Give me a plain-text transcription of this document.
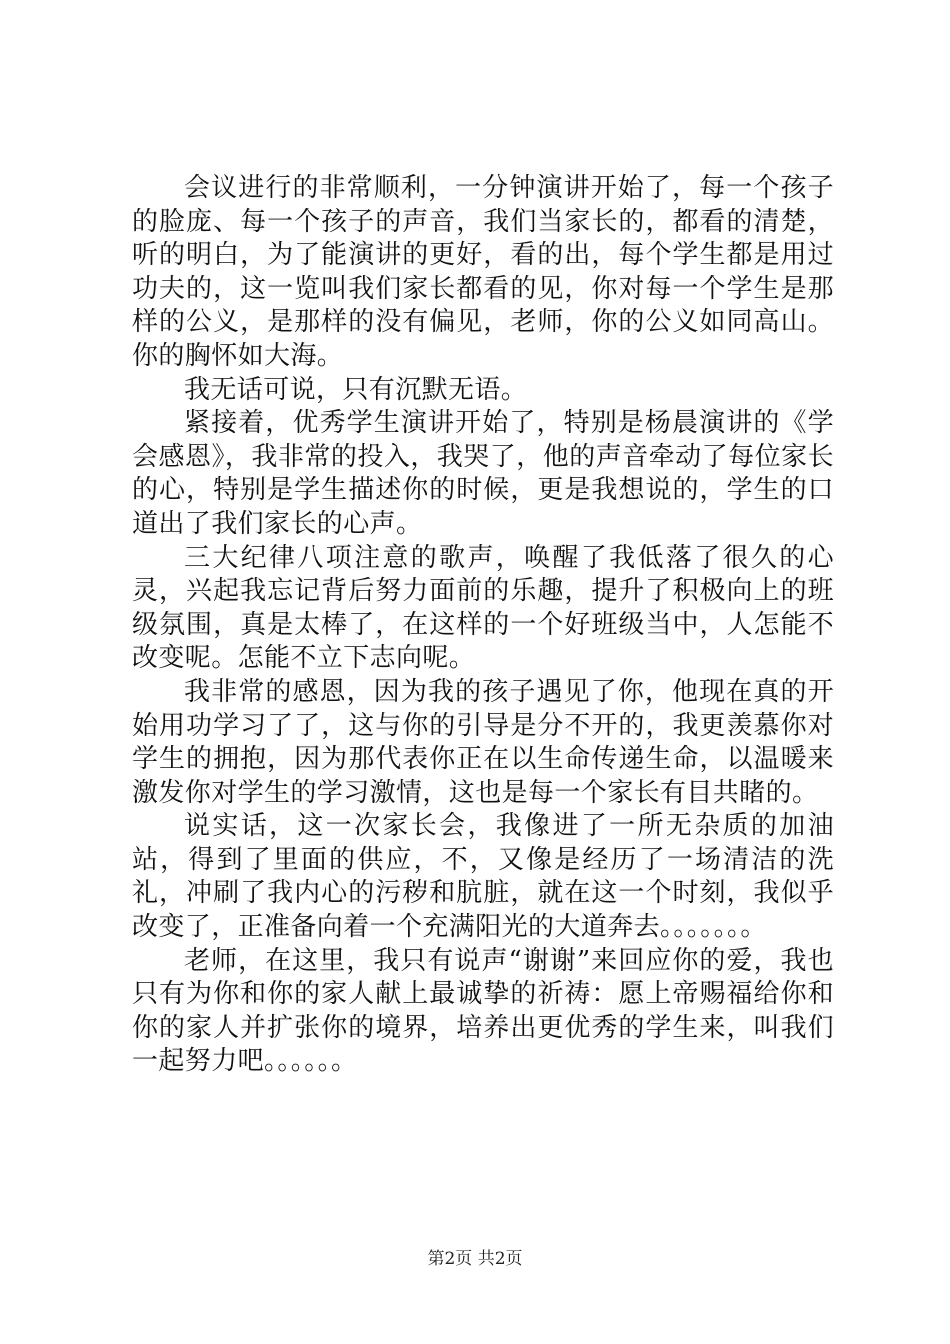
会议进行的非常顺利，一分钟演讲开始了，每一个孩子的脸庞、每一个孩子的声音，我们当家长的，都看的清楚，听的明白，为了能演讲的更好，看的出，每个学生都是用过功夫的，这一览叫我们家长都看的见，你对每一个学生是那样的公义，是那样的没有偏见，老师，你的公义如同高山。你的胸怀如大海。

我无话可说，只有沉默无语。

紧接着，优秀学生演讲开始了，特别是杨晨演讲的《学会感恩》，我非常的投入，我哭了，他的声音牵动了每位家长的心，特别是学生描述你的时候，更是我想说的，学生的口道出了我们家长的心声。

三大纪律八项注意的歌声，唤醒了我低落了很久的心灵，兴起我忘记背后努力面前的乐趣，提升了积极向上的班级氛围，真是太棒了，在这样的一个好班级当中，人怎能不改变呢。怎能不立下志向呢。

我非常的感恩，因为我的孩子遇见了你，他现在真的开始用功学习了了，这与你的引导是分不开的，我更羡慕你对学生的拥抱，因为那代表你正在以生命传递生命，以温暖来激发你对学生的学习激情，这也是每一个家长有目共睹的。

说实话，这一次家长会，我像进了一所无杂质的加油站，得到了里面的供应，不，又像是经历了一场清洁的洗礼，冲刷了我内心的污秽和肮脏，就在这一个时刻，我似乎改变了，正准备向着一个充满阳光的大道奔去。。。。。。。

老师，在这里，我只有说声“谢谢”来回应你的爱，我也只有为你和你的家人献上最诚挚的祈祷：愿上帝赐福给你和你的家人并扩张你的境界，培养出更优秀的学生来，叫我们一起努力吧。。。。。。

第2页 共2页
